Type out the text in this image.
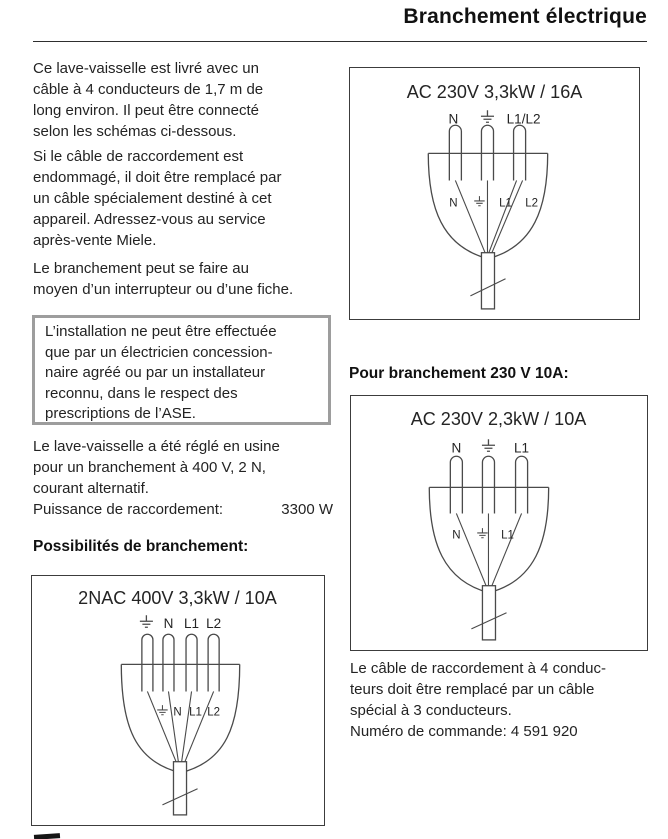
Branchement électrique
Ce lave-vaisselle est livré avec un
câble à 4 conducteurs de 1,7 m de
long environ. Il peut être connecté
selon les schémas ci-dessous.
Si le câble de raccordement est
endommagé, il doit être remplacé par
un câble spécialement destiné à cet
appareil. Adressez-vous au service
après-vente Miele.
Le branchement peut se faire au
moyen d’un interrupteur ou d’une fiche.
L’installation ne peut être effectuée
que par un électricien concession-
naire agréé ou par un installateur
reconnu, dans le respect des
prescriptions de l’ASE.
Le lave-vaisselle a été réglé en usine
pour un branchement à 400 V, 2 N,
courant alternatif.
Puissance de raccordement:	3300 W
Possibilités de branchement:
Pour branchement 230 V 10A:
Le câble de raccordement à 4 conduc-
teurs doit être remplacé par un câble
spécial à 3 conducteurs.
Numéro de commande: 4 591 920
AC 230V 3,3kW / 16A
N	L1/L2
N	L1 L2
2NAC 400V 3,3kW / 10A
N L1 L2
N L1 L2
AC 230V 2,3kW / 10A
N	L1
N	L1
